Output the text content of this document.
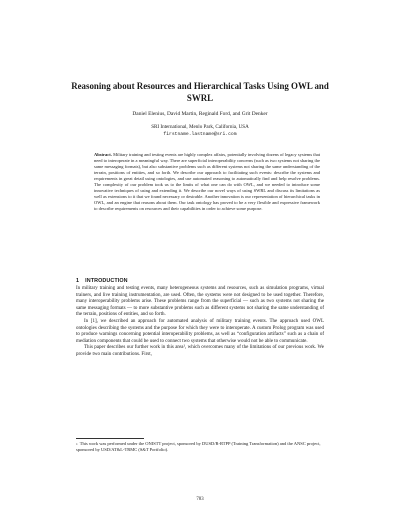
Reasoning about Resources and Hierarchical Tasks Using OWL and SWRL
Daniel Elenius, David Martin, Reginald Ford, and Grit Denker
SRI International, Menlo Park, California, USA
firstname.lastname@sri.com

Abstract. Military training and testing events are highly complex affairs, potentially involving dozens of legacy systems that need to interoperate in a meaningful way. There are superficial interoperability concerns (such as two systems not sharing the same messaging formats), but also substantive problems such as different systems not sharing the same understanding of the terrain, positions of entities, and so forth. We describe our approach to facilitating such events: describe the systems and requirements in great detail using ontologies, and use automated reasoning to automatically find and help resolve problems. The complexity of our problem took us to the limits of what one can do with OWL, and we needed to introduce some innovative techniques of using and extending it. We describe our novel ways of using SWRL and discuss its limitations as well as extensions to it that we found necessary or desirable. Another innovation is our representation of hierarchical tasks in OWL, and an engine that reasons about them. Our task ontology has proved to be a very flexible and expressive framework to describe requirements on resources and their capabilities in order to achieve some purpose.

1 INTRODUCTION

In military training and testing events, many heterogeneous systems and resources, such as simulation programs, virtual trainers, and live training instrumentation, are used. Often, the systems were not designed to be used together. Therefore, many interoperability problems arise. These problems range from the superficial — such as two systems not sharing the same messaging formats — to more substantive problems such as different systems not sharing the same understanding of the terrain, positions of entities, and so forth.

In [1], we described an approach for automated analysis of military training events. The approach used OWL ontologies describing the systems and the purpose for which they were to interoperate. A custom Prolog program was used to produce warnings concerning potential interoperability problems, as well as “configuration artifacts” such as a chain of mediation components that could be used to connect two systems that otherwise would not be able to communicate.

This paper describes our further work in this area¹, which overcomes many of the limitations of our previous work. We provide two main contributions. First,

$^1$ This work was performed under the ONISTT project, sponsored by DUSD/R-RTPP (Training Transformation) and the ANSC project, sponsored by USD/AT&L-TRMC (S&T Portfolio).
783
